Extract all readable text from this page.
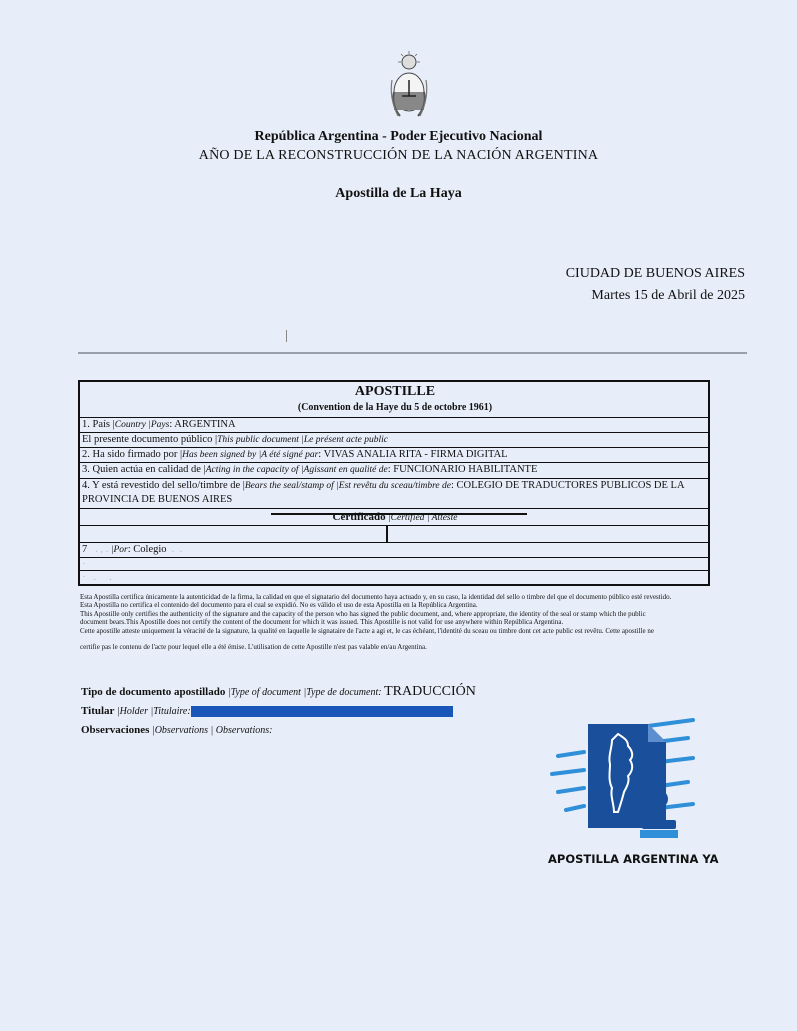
República Argentina - Poder Ejecutivo Nacional
AÑO DE LA RECONSTRUCCIÓN DE LA NACIÓN ARGENTINA
Apostilla de La Haya
CIUDAD DE BUENOS AIRES
Martes 15 de Abril de 2025
APOSTILLE
(Convention de la Haye du 5 de octobre 1961)
1. País |Country |Pays: ARGENTINA
El presente documento público |This public document |Le présent acte public
2. Ha sido firmado por |Has been signed by |A été signé par: VIVAS ANALIA RITA - FIRMA DIGITAL
3. Quien actúa en calidad de |Acting in the capacity of |Agissant en qualité de: FUNCIONARIO HABILITANTE
4. Y está revestido del sello/timbre de |Bears the seal/stamp of |Est revêtu du sceau/timbre de: COLEGIO DE TRADUCTORES PUBLICOS DE LA PROVINCIA DE BUENOS AIRES
Certificado |Certified | Attesté
7   . , . |Por: Colegio  .  .
·
·   .     .

Esta Apostilla certifica únicamente la autenticidad de la firma, la calidad en que el signatario del documento haya actuado y, en su caso, la identidad del sello o timbre del que el documento público esté revestido.

Esta Apostilla no certifica el contenido del documento para el cual se expidió. No es válido el uso de esta Apostilla en la República Argentina.

This Apostille only certifies the authenticity of the signature and the capacity of the person who has signed the public document, and, where appropriate, the identity of the seal or stamp which the public

document bears.This Apostille does not certify the content of the document for which it was issued. This Apostille is not valid for use anywhere within República Argentina.

Cette apostille atteste uniquement la véracité de la signature, la qualité en laquelle le signataire de l'acte a agi et, le cas échéant, l'identité du sceau ou timbre dont cet acte public est revêtu. Cette apostille ne

certifie pas le contenu de l'acte pour lequel elle a été émise. L'utilisation de cette Apostille n'est pas valable en/au Argentina.

Tipo de documento apostillado |Type of document |Type de document: TRADUCCIÓN
Titular |Holder |Titulaire:
Observaciones |Observations | Observations:
APOSTILLA ARGENTINA YA
